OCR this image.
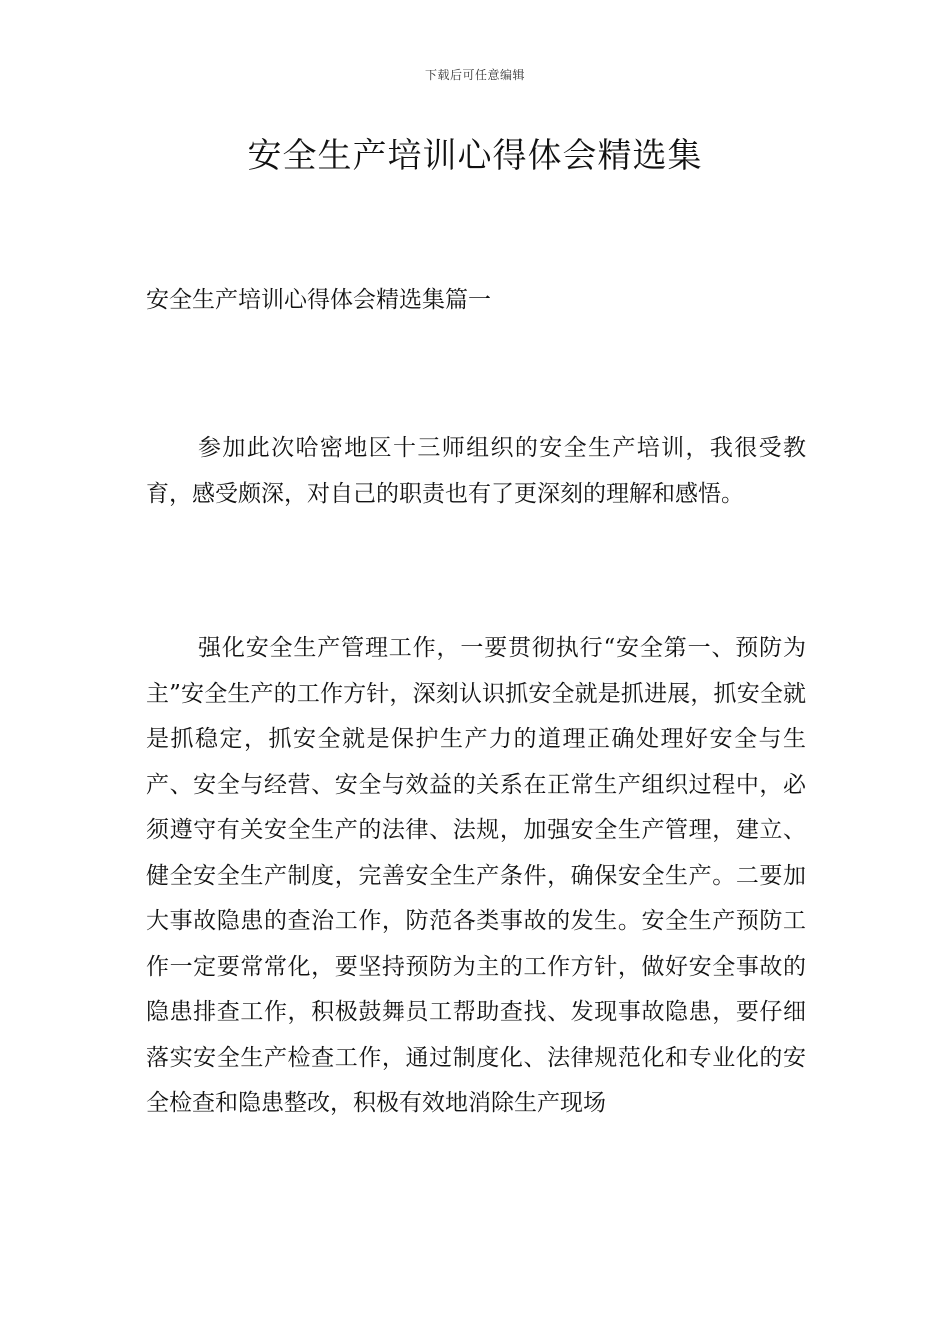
下载后可任意编辑
安全生产培训心得体会精选集
安全生产培训心得体会精选集篇一

参加此次哈密地区十三师组织的安全生产培训，我很受教育，感受颇深，对自己的职责也有了更深刻的理解和感悟。

强化安全生产管理工作，一要贯彻执行“安全第一、预防为主”安全生产的工作方针，深刻认识抓安全就是抓进展，抓安全就是抓稳定，抓安全就是保护生产力的道理正确处理好安全与生产、安全与经营、安全与效益的关系在正常生产组织过程中，必须遵守有关安全生产的法律、法规，加强安全生产管理，建立、健全安全生产制度，完善安全生产条件，确保安全生产。二要加大事故隐患的查治工作，防范各类事故的发生。安全生产预防工作一定要常常化，要坚持预防为主的工作方针，做好安全事故的隐患排查工作，积极鼓舞员工帮助查找、发现事故隐患，要仔细落实安全生产检查工作，通过制度化、法律规范化和专业化的安全检查和隐患整改，积极有效地消除生产现场
